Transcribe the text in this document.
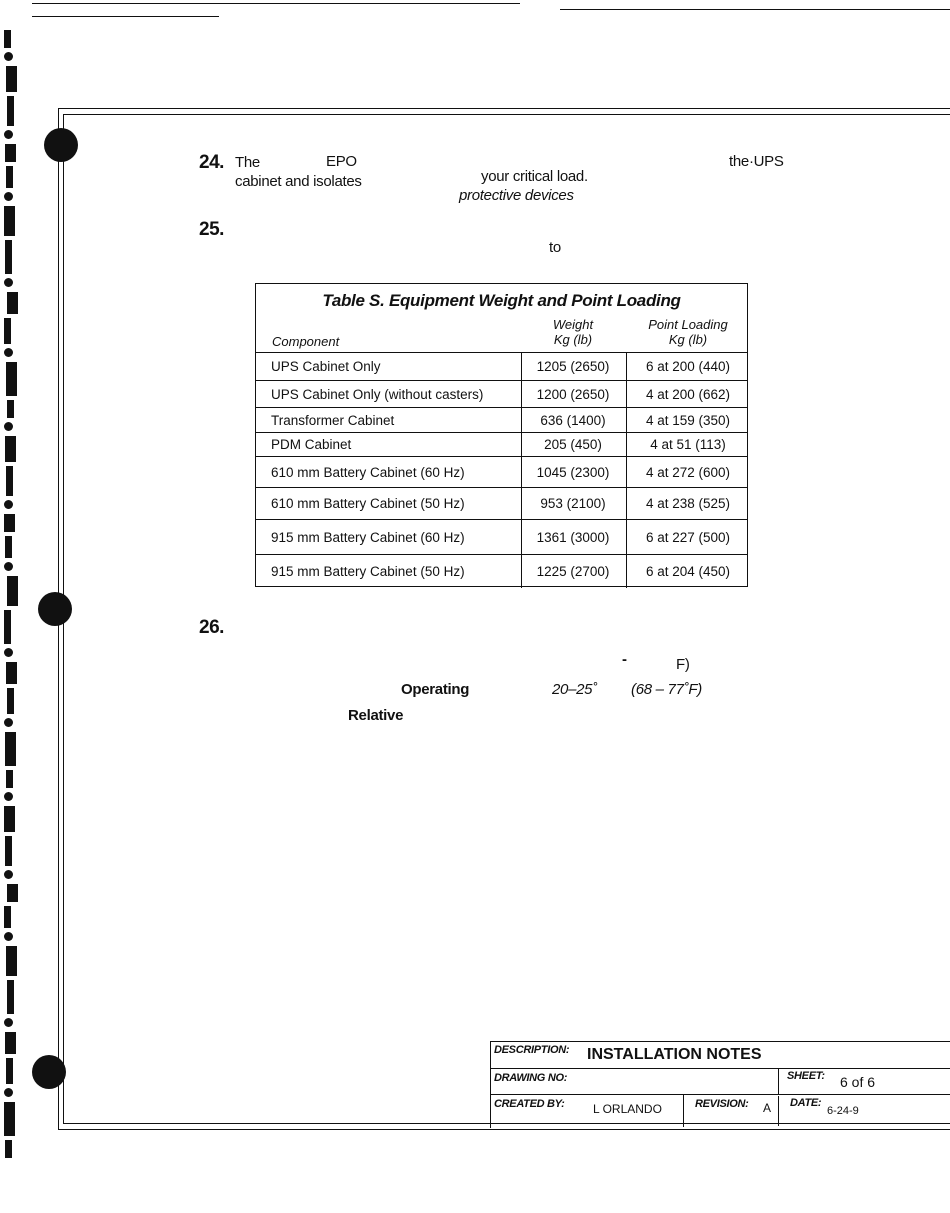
24. The	EPO	the·UPS
cabinet and isolates	your critical load.
protective devices
25.
to
Table S. Equipment Weight and Point Loading
Component
Weight
Kg (lb)
Point Loading
Kg (lb)
UPS Cabinet Only	1205 (2650)	6 at 200 (440)
UPS Cabinet Only (without casters)	1200 (2650)	4 at 200 (662)
Transformer Cabinet	636 (1400)	4 at 159 (350)
PDM Cabinet	205 (450)	4 at 51 (113)
610 mm Battery Cabinet (60 Hz)	1045 (2300)	4 at 272 (600)
610 mm Battery Cabinet (50 Hz)	953 (2100)	4 at 238 (525)
915 mm Battery Cabinet (60 Hz)	1361 (3000)	6 at 227 (500)
915 mm Battery Cabinet (50 Hz)	1225 (2700)	6 at 204 (450)
26.
-	F)
Operating	20–25˚ (68 – 77˚F)
Relative
DESCRIPTION: INSTALLATION NOTES
DRAWING NO:	SHEET: 6 of 6
CREATED BY: L ORLANDO	REVISION: A DATE:
6-24-9
